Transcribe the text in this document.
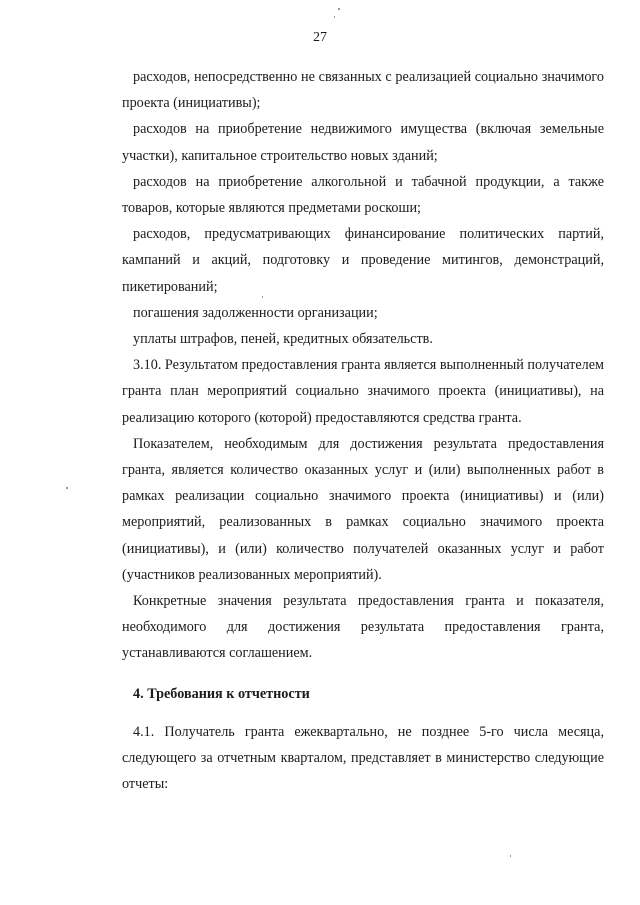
27

расходов, непосредственно не связанных с реализацией социально значимого проекта (инициативы);

расходов на приобретение недвижимого имущества (включая земельные участки), капитальное строительство новых зданий;

расходов на приобретение алкогольной и табачной продукции, а также товаров, которые являются предметами роскоши;

расходов, предусматривающих финансирование политических партий, кампаний и акций, подготовку и проведение митингов, демонстраций, пикетирований;

погашения задолженности организации;

уплаты штрафов, пеней, кредитных обязательств.

3.10. Результатом предоставления гранта является выполненный получателем гранта план мероприятий социально значимого проекта (инициативы), на реализацию которого (которой) предоставляются средства гранта.

Показателем, необходимым для достижения результата предоставления гранта, является количество оказанных услуг и (или) выполненных работ в рамках реализации социально значимого проекта (инициативы) и (или) мероприятий, реализованных в рамках социально значимого проекта (инициативы), и (или) количество получателей оказанных услуг и работ (участников реализованных мероприятий).

Конкретные значения результата предоставления гранта и показателя, необходимого для достижения результата предоставления гранта, устанавливаются соглашением.

4. Требования к отчетности

4.1. Получатель гранта ежеквартально, не позднее 5-го числа месяца, следующего за отчетным кварталом, представляет в министерство следующие отчеты:
